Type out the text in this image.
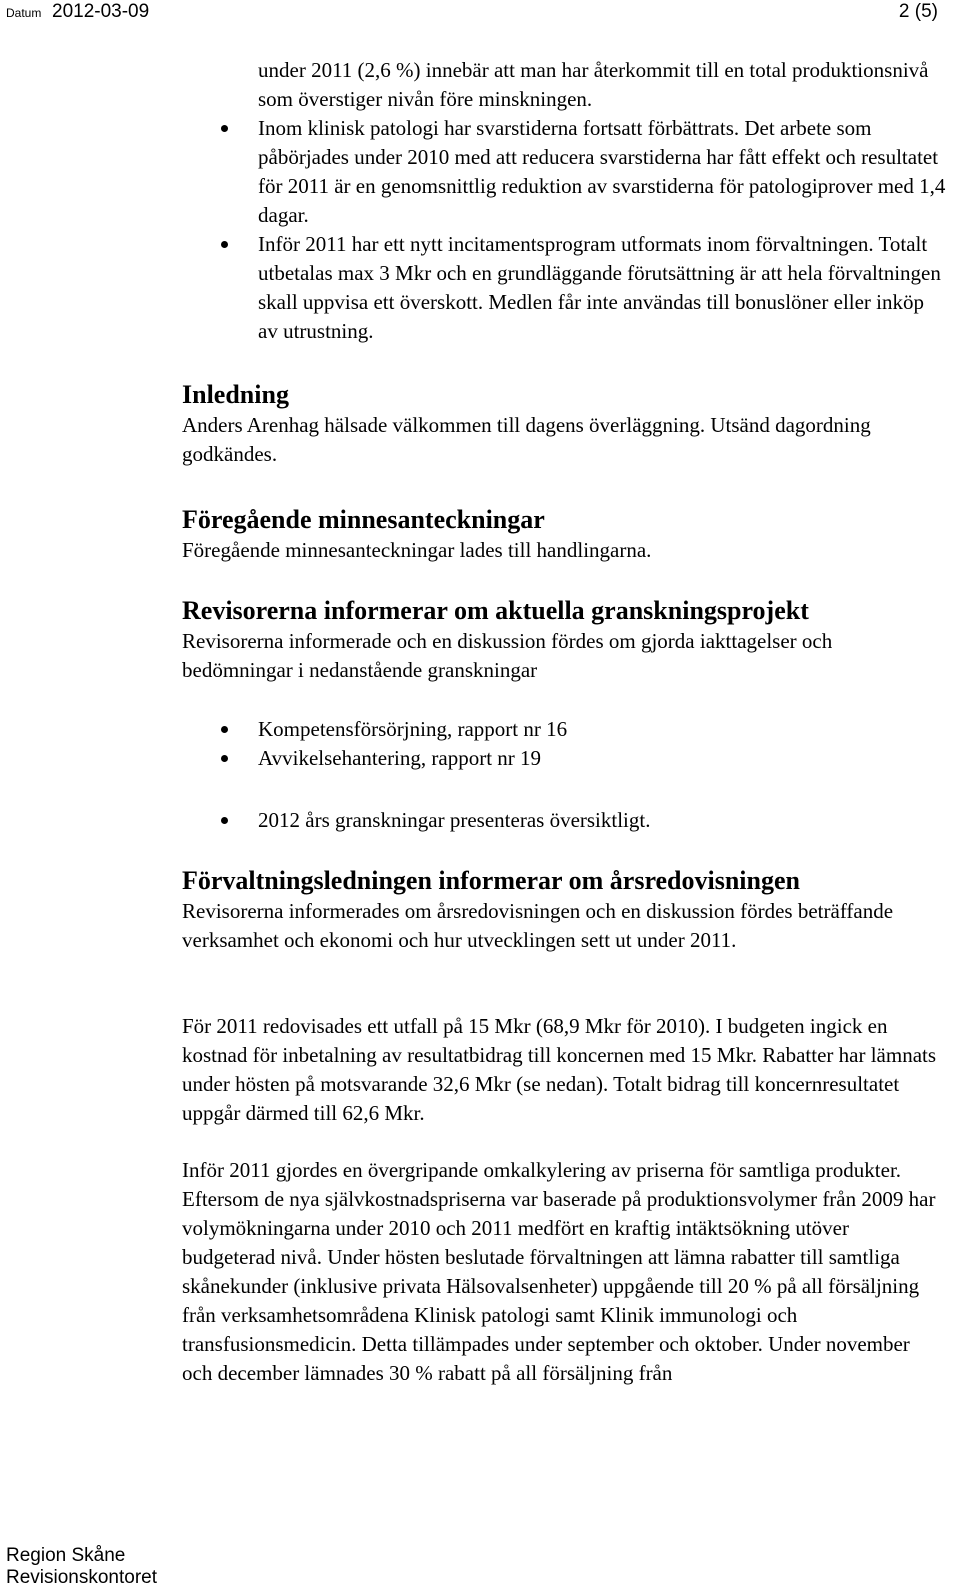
Datum 2012-03-09	2 (5)
under 2011 (2,6 %) innebär att man har återkommit till en total produktionsnivå som överstiger nivån före minskningen.
Inom klinisk patologi har svarstiderna fortsatt förbättrats. Det arbete som påbörjades under 2010 med att reducera svarstiderna har fått effekt och resultatet för 2011 är en genomsnittlig reduktion av svarstiderna för patologiprover med 1,4 dagar.
Inför 2011 har ett nytt incitamentsprogram utformats inom förvaltningen. Totalt utbetalas max 3 Mkr och en grundläggande förutsättning är att hela förvaltningen skall uppvisa ett överskott. Medlen får inte användas till bonuslöner eller inköp av utrustning.
Inledning

Anders Arenhag hälsade välkommen till dagens överläggning. Utsänd dagordning godkändes.

Föregående minnesanteckningar

Föregående minnesanteckningar lades till handlingarna.

Revisorerna informerar om aktuella granskningsprojekt

Revisorerna informerade och en diskussion fördes om gjorda iakttagelser och bedömningar i nedanstående granskningar

Kompetensförsörjning, rapport nr 16
Avvikelsehantering, rapport nr 19
2012 års granskningar presenteras översiktligt.
Förvaltningsledningen informerar om årsredovisningen

Revisorerna informerades om årsredovisningen och en diskussion fördes beträffande verksamhet och ekonomi och hur utvecklingen sett ut under 2011.

För 2011 redovisades ett utfall på 15 Mkr (68,9 Mkr för 2010). I budgeten ingick en kostnad för inbetalning av resultatbidrag till koncernen med 15 Mkr. Rabatter har lämnats under hösten på motsvarande 32,6 Mkr (se nedan). Totalt bidrag till koncernresultatet uppgår därmed till 62,6 Mkr.

Inför 2011 gjordes en övergripande omkalkylering av priserna för samtliga produkter. Eftersom de nya självkostnadspriserna var baserade på produktionsvolymer från 2009 har volymökningarna under 2010 och 2011 medfört en kraftig intäktsökning utöver budgeterad nivå. Under hösten beslutade förvaltningen att lämna rabatter till samtliga skånekunder (inklusive privata Hälsovalsenheter) uppgående till 20 % på all försäljning från verksamhetsområdena Klinisk patologi samt Klinik immunologi och transfusionsmedicin. Detta tillämpades under september och oktober. Under november och december lämnades 30 % rabatt på all försäljning från

Region Skåne
Revisionskontoret
